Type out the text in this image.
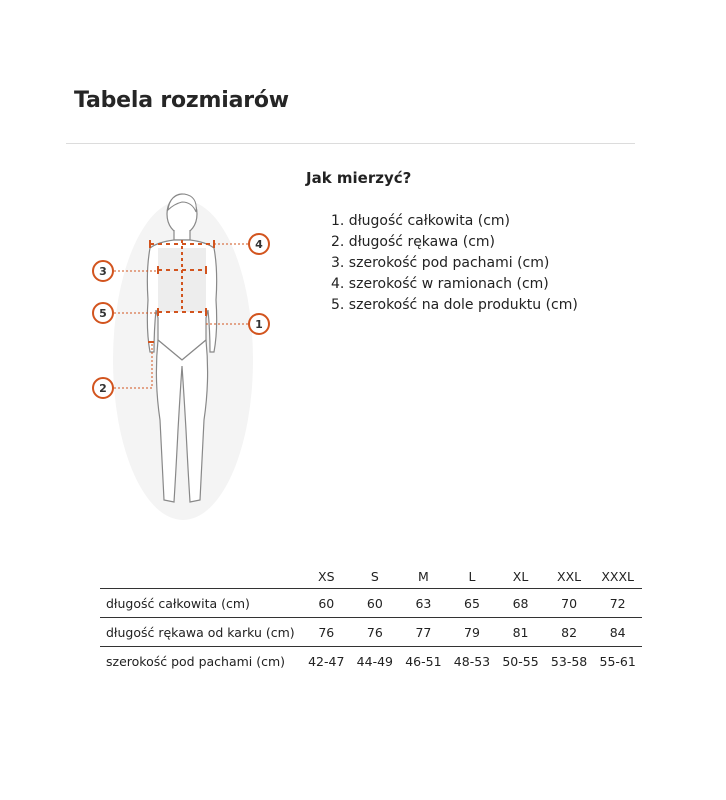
Tabela rozmiarów
4
3
5
1
2
Jak mierzyć?
1. długość całkowita (cm)
2. długość rękawa (cm)
3. szerokość pod pachami (cm)
4. szerokość w ramionach (cm)
5. szerokość na dole produktu (cm)
	XS	S	M	L	XL	XXL	XXXL
długość całkowita (cm)	60	60	63	65	68	70	72
długość rękawa od karku (cm)	76	76	77	79	81	82	84
szerokość pod pachami (cm)	42-47	44-49	46-51	48-53	50-55	53-58	55-61
